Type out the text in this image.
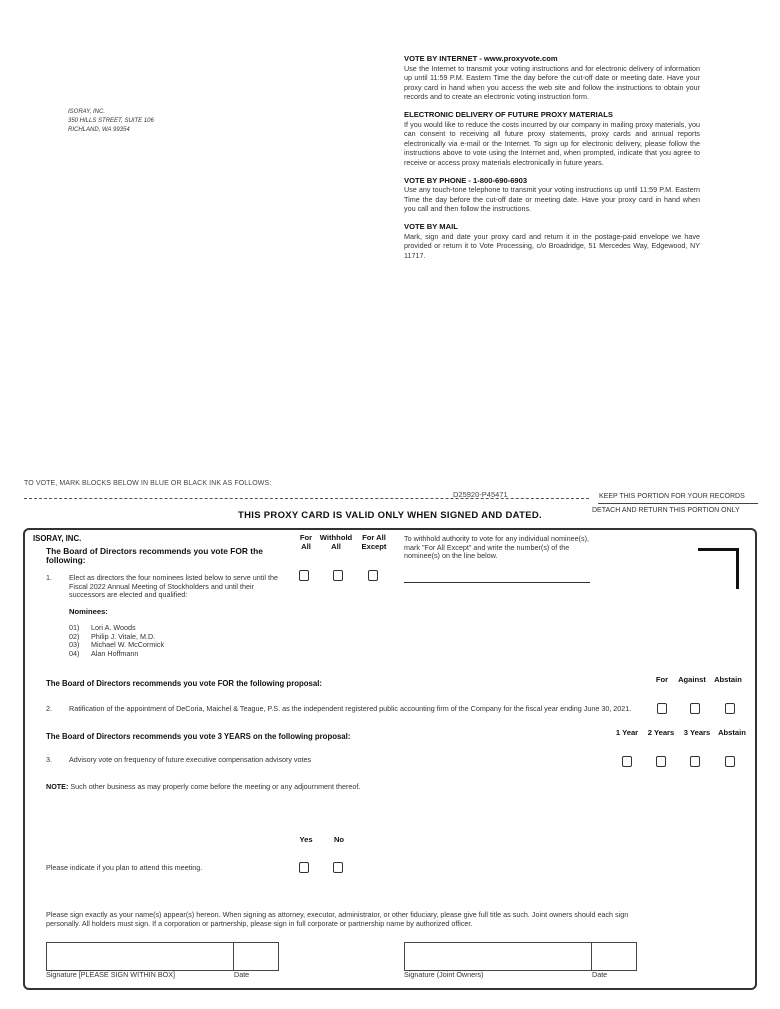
ISORAY, INC.
350 HILLS STREET, SUITE 106
RICHLAND, WA 99354
VOTE BY INTERNET - www.proxyvote.com

Use the Internet to transmit your voting instructions and for electronic delivery of information up until 11:59 P.M. Eastern Time the day before the cut-off date or meeting date. Have your proxy card in hand when you access the web site and follow the instructions to obtain your records and to create an electronic voting instruction form.

ELECTRONIC DELIVERY OF FUTURE PROXY MATERIALS

If you would like to reduce the costs incurred by our company in mailing proxy materials, you can consent to receiving all future proxy statements, proxy cards and annual reports electronically via e-mail or the Internet. To sign up for electronic delivery, please follow the instructions above to vote using the Internet and, when prompted, indicate that you agree to receive or access proxy materials electronically in future years.

VOTE BY PHONE - 1-800-690-6903

Use any touch-tone telephone to transmit your voting instructions up until 11:59 P.M. Eastern Time the day before the cut-off date or meeting date. Have your proxy card in hand when you call and then follow the instructions.

VOTE BY MAIL

Mark, sign and date your proxy card and return it in the postage-paid envelope we have provided or return it to Vote Processing, c/o Broadridge, 51 Mercedes Way, Edgewood, NY 11717.

TO VOTE, MARK BLOCKS BELOW IN BLUE OR BLACK INK AS FOLLOWS:
D25920-P45471	KEEP THIS PORTION FOR YOUR RECORDS
DETACH AND RETURN THIS PORTION ONLY
THIS PROXY CARD IS VALID ONLY WHEN SIGNED AND DATED.
ISORAY, INC.
The Board of Directors recommends you vote FOR the following:
For All
Withhold All
For All Except
To withhold authority to vote for any individual nominee(s), mark "For All Except" and write the number(s) of the nominee(s) on the line below.
1.	Elect as directors the four nominees listed below to serve until the Fiscal 2022 Annual Meeting of Stockholders and until their successors are elected and qualified:
Nominees:
01) Lori A. Woods
02) Philip J. Vitale, M.D.
03) Michael W. McCormick
04) Alan Hoffmann
The Board of Directors recommends you vote FOR the following proposal:	For	Against	Abstain
2.	Ratification of the appointment of DeCoria, Maichel & Teague, P.S. as the independent registered public accounting firm of the Company for the fiscal year ending June 30, 2021.
The Board of Directors recommends you vote 3 YEARS on the following proposal:	1 Year	2 Years	3 Years	Abstain
3.	Advisory vote on frequency of future executive compensation advisory votes
NOTE: Such other business as may properly come before the meeting or any adjournment thereof.
Yes	No
Please indicate if you plan to attend this meeting.
Please sign exactly as your name(s) appear(s) hereon. When signing as attorney, executor, administrator, or other fiduciary, please give full title as such. Joint owners should each sign personally. All holders must sign. If a corporation or partnership, please sign in full corporate or partnership name by authorized officer.
Signature [PLEASE SIGN WITHIN BOX]	Date	Signature (Joint Owners)	Date
